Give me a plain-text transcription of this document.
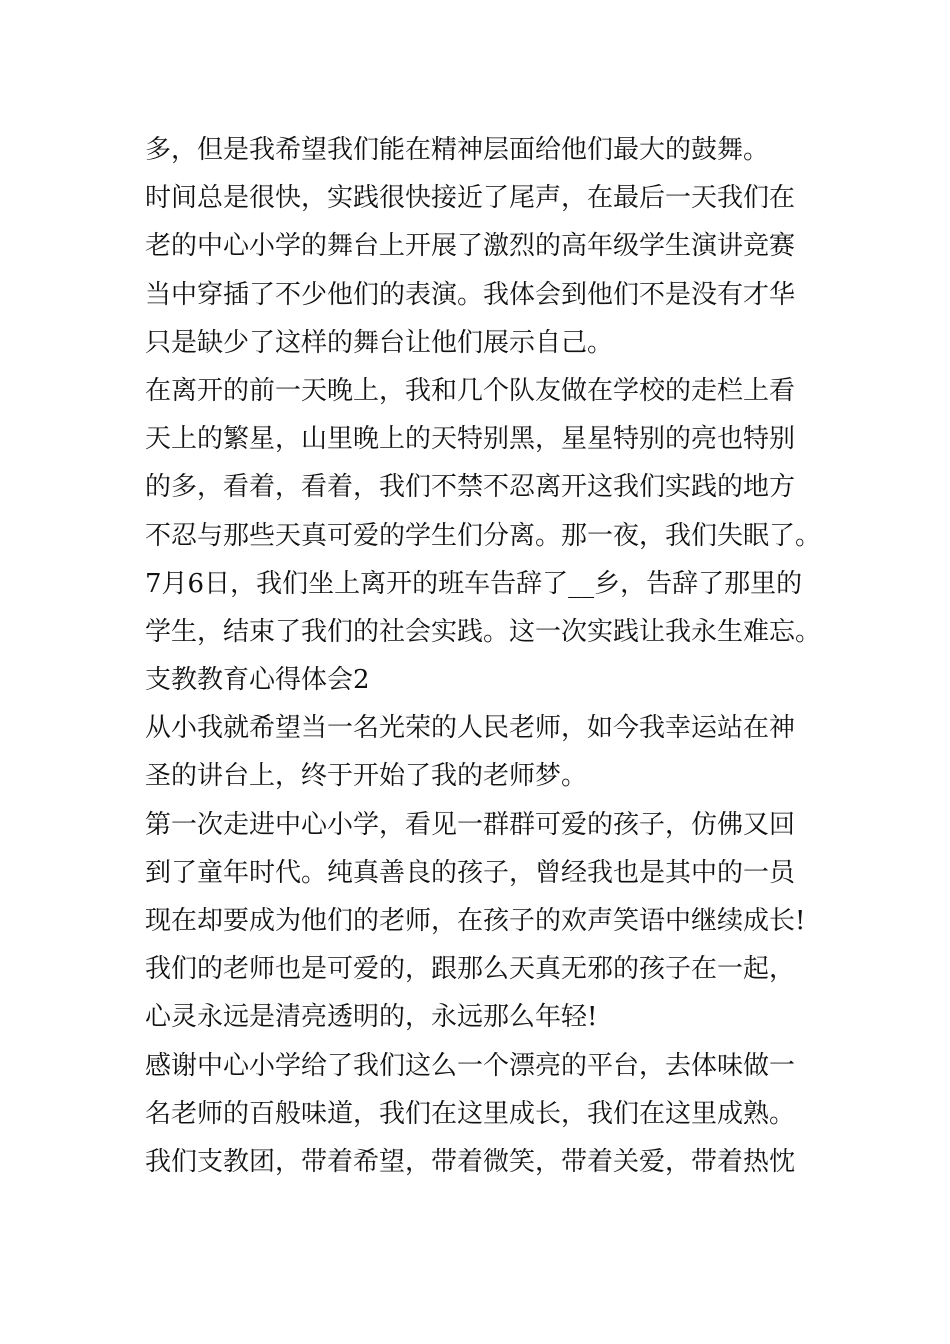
多，但是我希望我们能在精神层面给他们最大的鼓舞。
时间总是很快，实践很快接近了尾声，在最后一天我们在
老的中心小学的舞台上开展了激烈的高年级学生演讲竞赛
当中穿插了不少他们的表演。我体会到他们不是没有才华
只是缺少了这样的舞台让他们展示自己。
在离开的前一天晚上，我和几个队友做在学校的走栏上看
天上的繁星，山里晚上的天特别黑，星星特别的亮也特别
的多，看着，看着，我们不禁不忍离开这我们实践的地方
不忍与那些天真可爱的学生们分离。那一夜，我们失眠了。
7月6日，我们坐上离开的班车告辞了__乡，告辞了那里的
学生，结束了我们的社会实践。这一次实践让我永生难忘。
支教教育心得体会2
从小我就希望当一名光荣的人民老师，如今我幸运站在神
圣的讲台上，终于开始了我的老师梦。
第一次走进中心小学，看见一群群可爱的孩子，仿佛又回
到了童年时代。纯真善良的孩子，曾经我也是其中的一员
现在却要成为他们的老师，在孩子的欢声笑语中继续成长!
我们的老师也是可爱的，跟那么天真无邪的孩子在一起，
心灵永远是清亮透明的，永远那么年轻!
感谢中心小学给了我们这么一个漂亮的平台，去体味做一
名老师的百般味道，我们在这里成长，我们在这里成熟。
我们支教团，带着希望，带着微笑，带着关爱，带着热忱
